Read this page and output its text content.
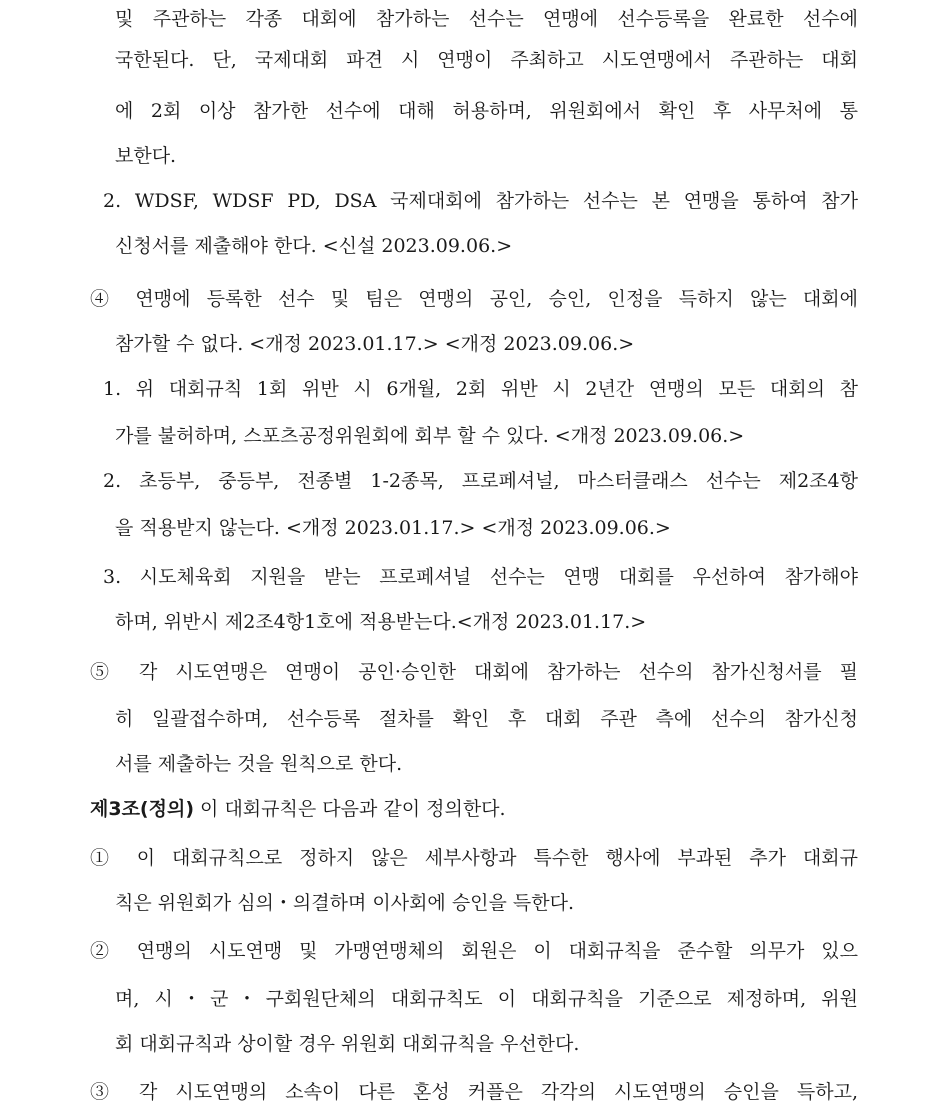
및 주관하는 각종 대회에 참가하는 선수는 연맹에 선수등록을 완료한 선수에
국한된다. 단, 국제대회 파견 시 연맹이 주최하고 시도연맹에서 주관하는 대회
에 2회 이상 참가한 선수에 대해 허용하며, 위원회에서 확인 후 사무처에 통
보한다.
2. WDSF, WDSF PD, DSA 국제대회에 참가하는 선수는 본 연맹을 통하여 참가
신청서를 제출해야 한다. <신설 2023.09.06.>
④ 연맹에 등록한 선수 및 팀은 연맹의 공인, 승인, 인정을 득하지 않는 대회에
참가할 수 없다. <개정 2023.01.17.> <개정 2023.09.06.>
1. 위 대회규칙 1회 위반 시 6개월, 2회 위반 시 2년간 연맹의 모든 대회의 참
가를 불허하며, 스포츠공정위원회에 회부 할 수 있다. <개정 2023.09.06.>
2. 초등부, 중등부, 전종별 1-2종목, 프로페셔널, 마스터클래스 선수는 제2조4항
을 적용받지 않는다. <개정 2023.01.17.> <개정 2023.09.06.>
3. 시도체육회 지원을 받는 프로페셔널 선수는 연맹 대회를 우선하여 참가해야
하며, 위반시 제2조4항1호에 적용받는다.<개정 2023.01.17.>
⑤ 각 시도연맹은 연맹이 공인·승인한 대회에 참가하는 선수의 참가신청서를 필
히 일괄접수하며, 선수등록 절차를 확인 후 대회 주관 측에 선수의 참가신청
서를 제출하는 것을 원칙으로 한다.
제3조(정의) 이 대회규칙은 다음과 같이 정의한다.
① 이 대회규칙으로 정하지 않은 세부사항과 특수한 행사에 부과된 추가 대회규
칙은 위원회가 심의・의결하며 이사회에 승인을 득한다.
② 연맹의 시도연맹 및 가맹연맹체의 회원은 이 대회규칙을 준수할 의무가 있으
며, 시・군・구회원단체의 대회규칙도 이 대회규칙을 기준으로 제정하며, 위원
회 대회규칙과 상이할 경우 위원회 대회규칙을 우선한다.
③ 각 시도연맹의 소속이 다른 혼성 커플은 각각의 시도연맹의 승인을 득하고,
